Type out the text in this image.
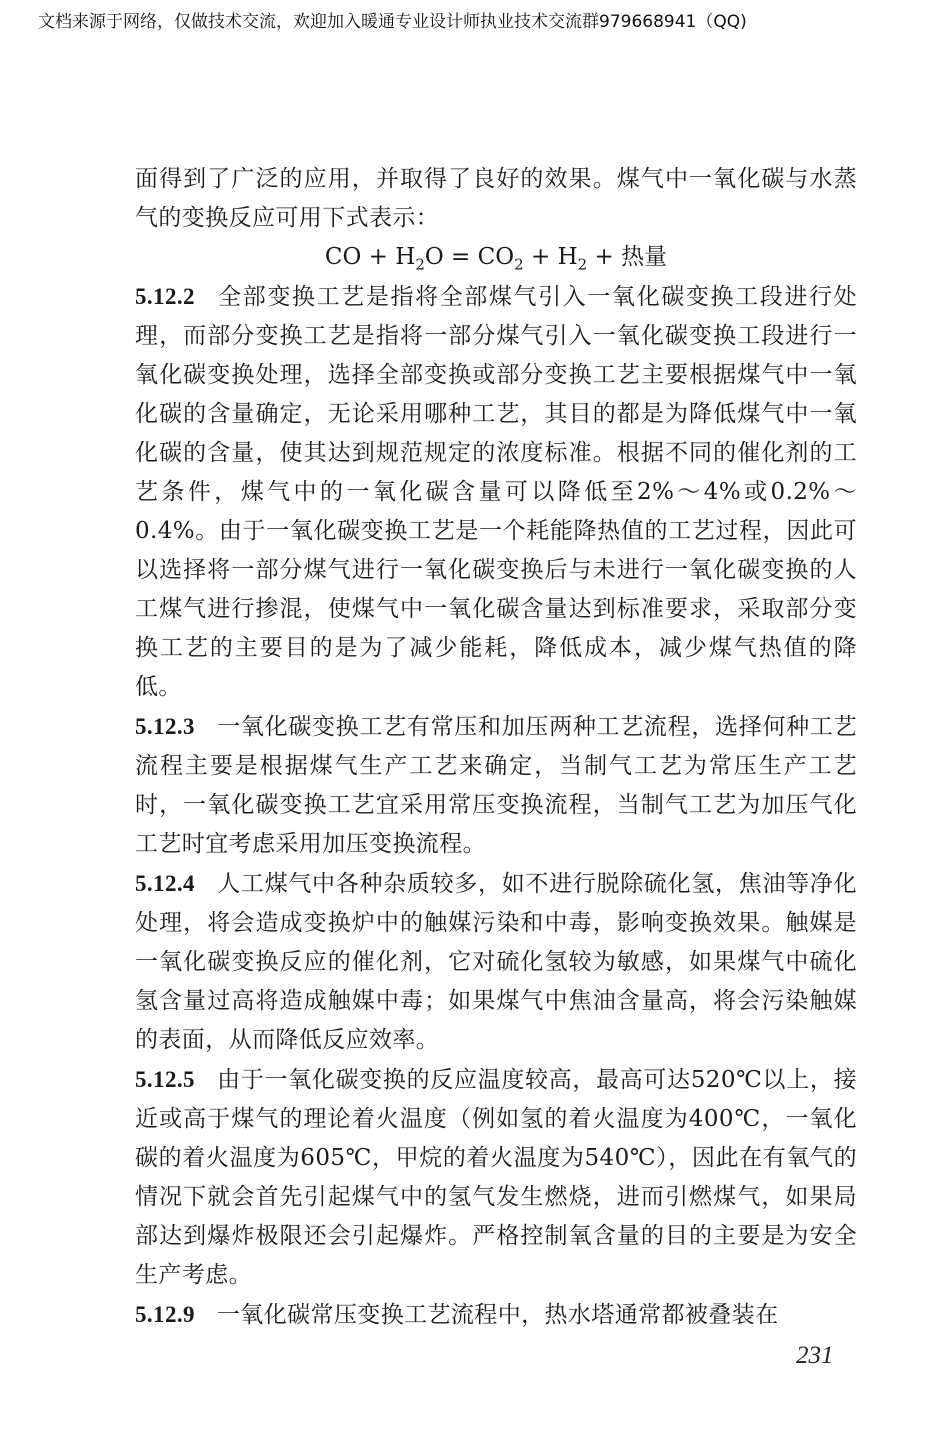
文档来源于网络，仅做技术交流，欢迎加入暖通专业设计师执业技术交流群979668941（QQ)

面得到了广泛的应用，并取得了良好的效果。煤气中一氧化碳与水蒸气的变换反应可用下式表示：

CO + $H_2O = CO_2 + H_2$ + 热量

5.12.2 全部变换工艺是指将全部煤气引入一氧化碳变换工段进行处理，而部分变换工艺是指将一部分煤气引入一氧化碳变换工段进行一氧化碳变换处理，选择全部变换或部分变换工艺主要根据煤气中一氧化碳的含量确定，无论采用哪种工艺，其目的都是为降低煤气中一氧化碳的含量，使其达到规范规定的浓度标准。根据不同的催化剂的工艺条件，煤气中的一氧化碳含量可以降低至2%～4%或0.2%～0.4%。由于一氧化碳变换工艺是一个耗能降热值的工艺过程，因此可以选择将一部分煤气进行一氧化碳变换后与未进行一氧化碳变换的人工煤气进行掺混，使煤气中一氧化碳含量达到标准要求，采取部分变换工艺的主要目的是为了减少能耗，降低成本，减少煤气热值的降低。

5.12.3 一氧化碳变换工艺有常压和加压两种工艺流程，选择何种工艺流程主要是根据煤气生产工艺来确定，当制气工艺为常压生产工艺时，一氧化碳变换工艺宜采用常压变换流程，当制气工艺为加压气化工艺时宜考虑采用加压变换流程。

5.12.4 人工煤气中各种杂质较多，如不进行脱除硫化氢，焦油等净化处理，将会造成变换炉中的触媒污染和中毒，影响变换效果。触媒是一氧化碳变换反应的催化剂，它对硫化氢较为敏感，如果煤气中硫化氢含量过高将造成触媒中毒；如果煤气中焦油含量高，将会污染触媒的表面，从而降低反应效率。

5.12.5 由于一氧化碳变换的反应温度较高，最高可达520℃以上，接近或高于煤气的理论着火温度（例如氢的着火温度为400℃，一氧化碳的着火温度为605℃，甲烷的着火温度为540℃），因此在有氧气的情况下就会首先引起煤气中的氢气发生燃烧，进而引燃煤气，如果局部达到爆炸极限还会引起爆炸。严格控制氧含量的目的主要是为安全生产考虑。

5.12.9 一氧化碳常压变换工艺流程中，热水塔通常都被叠装在

231
